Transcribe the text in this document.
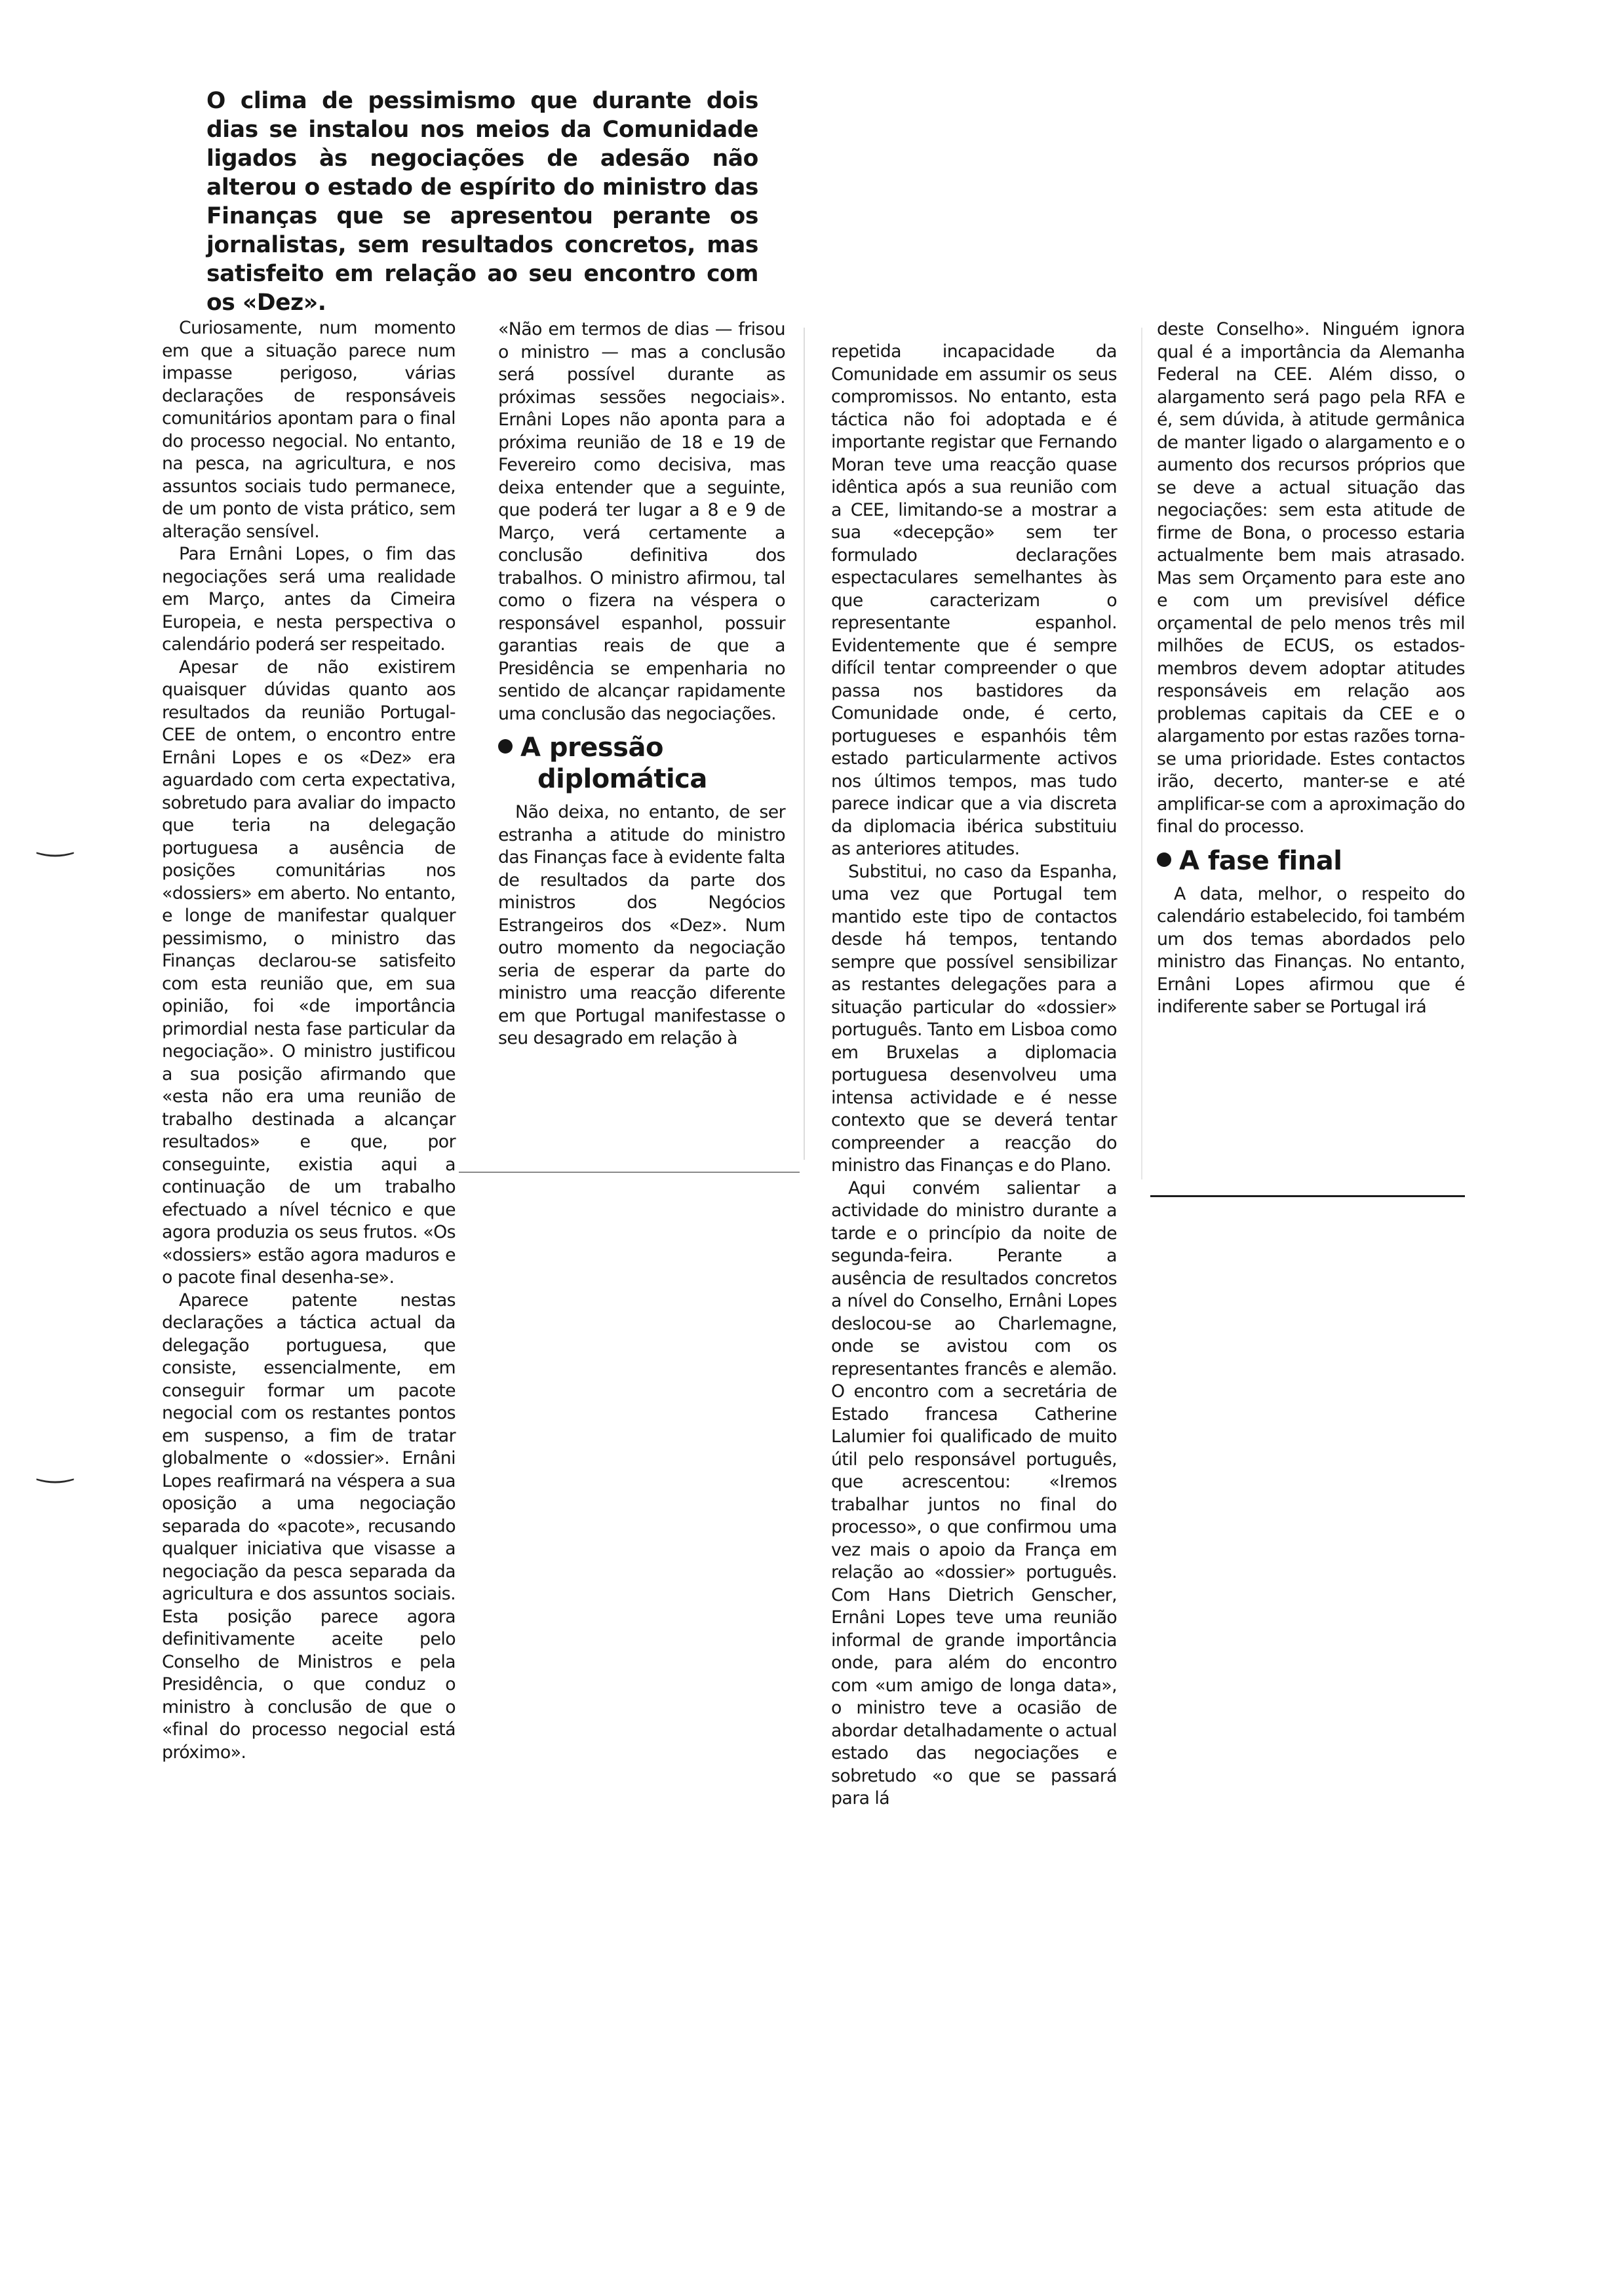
O clima de pessimismo que durante dois dias se instalou nos meios da Comunidade ligados às negociações de adesão não alterou o estado de espírito do ministro das Finanças que se apresentou perante os jornalistas, sem resultados concretos, mas satisfeito em relação ao seu encontro com os «Dez».

Curiosamente, num momento em que a situação parece num impasse perigoso, várias declarações de responsáveis comunitários apontam para o final do processo negocial. No entanto, na pesca, na agricultura, e nos assuntos sociais tudo permanece, de um ponto de vista prático, sem alteração sensível.

Para Ernâni Lopes, o fim das negociações será uma realidade em Março, antes da Cimeira Europeia, e nesta perspectiva o calendário poderá ser respeitado.

Apesar de não existirem quaisquer dúvidas quanto aos resultados da reunião Portugal-CEE de ontem, o encontro entre Ernâni Lopes e os «Dez» era aguardado com certa expectativa, sobretudo para avaliar do impacto que teria na delegação portuguesa a ausência de posições comunitárias nos «dossiers» em aberto. No entanto, e longe de manifestar qualquer pessimismo, o ministro das Finanças declarou-se satisfeito com esta reunião que, em sua opinião, foi «de importância primordial nesta fase particular da negociação». O ministro justificou a sua posição afirmando que «esta não era uma reunião de trabalho destinada a alcançar resultados» e que, por conseguinte, existia aqui a continuação de um trabalho efectuado a nível técnico e que agora produzia os seus frutos. «Os «dossiers» estão agora maduros e o pacote final desenha-se».

Aparece patente nestas declarações a táctica actual da delegação portuguesa, que consiste, essencialmente, em conseguir formar um pacote negocial com os restantes pontos em suspenso, a fim de tratar globalmente o «dossier». Ernâni Lopes reafirmará na véspera a sua oposição a uma negociação separada do «pacote», recusando qualquer iniciativa que visasse a negociação da pesca separada da agricultura e dos assuntos sociais. Esta posição parece agora definitivamente aceite pelo Conselho de Ministros e pela Presidência, o que conduz o ministro à conclusão de que o «final do processo negocial está próximo».

«Não em termos de dias — frisou o ministro — mas a conclusão será possível durante as próximas sessões negociais». Ernâni Lopes não aponta para a próxima reunião de 18 e 19 de Fevereiro como decisiva, mas deixa entender que a seguinte, que poderá ter lugar a 8 e 9 de Março, verá certamente a conclusão definitiva dos trabalhos. O ministro afirmou, tal como o fizera na véspera o responsável espanhol, possuir garantias reais de que a Presidência se empenharia no sentido de alcançar rapidamente uma conclusão das negociações.

A pressão
diplomática

Não deixa, no entanto, de ser estranha a atitude do ministro das Finanças face à evidente falta de resultados da parte dos ministros dos Negócios Estrangeiros dos «Dez». Num outro momento da negociação seria de esperar da parte do ministro uma reacção diferente em que Portugal manifestasse o seu desagrado em relação à

repetida incapacidade da Comunidade em assumir os seus compromissos. No entanto, esta táctica não foi adoptada e é importante registar que Fernando Moran teve uma reacção quase idêntica após a sua reunião com a CEE, limitando-se a mostrar a sua «decepção» sem ter formulado declarações espectaculares semelhantes às que caracterizam o representante espanhol. Evidentemente que é sempre difícil tentar compreender o que passa nos bastidores da Comunidade onde, é certo, portugueses e espanhóis têm estado particularmente activos nos últimos tempos, mas tudo parece indicar que a via discreta da diplomacia ibérica substituiu as anteriores atitudes.

Substitui, no caso da Espanha, uma vez que Portugal tem mantido este tipo de contactos desde há tempos, tentando sempre que possível sensibilizar as restantes delegações para a situação particular do «dossier» português. Tanto em Lisboa como em Bruxelas a diplomacia portuguesa desenvolveu uma intensa actividade e é nesse contexto que se deverá tentar compreender a reacção do ministro das Finanças e do Plano.

Aqui convém salientar a actividade do ministro durante a tarde e o princípio da noite de segunda-feira. Perante a ausência de resultados concretos a nível do Conselho, Ernâni Lopes deslocou-se ao Charlemagne, onde se avistou com os representantes francês e alemão. O encontro com a secretária de Estado francesa Catherine Lalumier foi qualificado de muito útil pelo responsável português, que acrescentou: «Iremos trabalhar juntos no final do processo», o que confirmou uma vez mais o apoio da França em relação ao «dossier» português. Com Hans Dietrich Genscher, Ernâni Lopes teve uma reunião informal de grande importância onde, para além do encontro com «um amigo de longa data», o ministro teve a ocasião de abordar detalhadamente o actual estado das negociações e sobretudo «o que se passará para lá

deste Conselho». Ninguém ignora qual é a importância da Alemanha Federal na CEE. Além disso, o alargamento será pago pela RFA e é, sem dúvida, à atitude germânica de manter ligado o alargamento e o aumento dos recursos próprios que se deve a actual situação das negociações: sem esta atitude de firme de Bona, o processo estaria actualmente bem mais atrasado. Mas sem Orçamento para este ano e com um previsível défice orçamental de pelo menos três mil milhões de ECUS, os estados-membros devem adoptar atitudes responsáveis em relação aos problemas capitais da CEE e o alargamento por estas razões torna-se uma prioridade. Estes contactos irão, decerto, manter-se e até amplificar-se com a aproximação do final do processo.

A fase final

A data, melhor, o respeito do calendário estabelecido, foi também um dos temas abordados pelo ministro das Finanças. No entanto, Ernâni Lopes afirmou que é indiferente saber se Portugal irá

‿
‿
